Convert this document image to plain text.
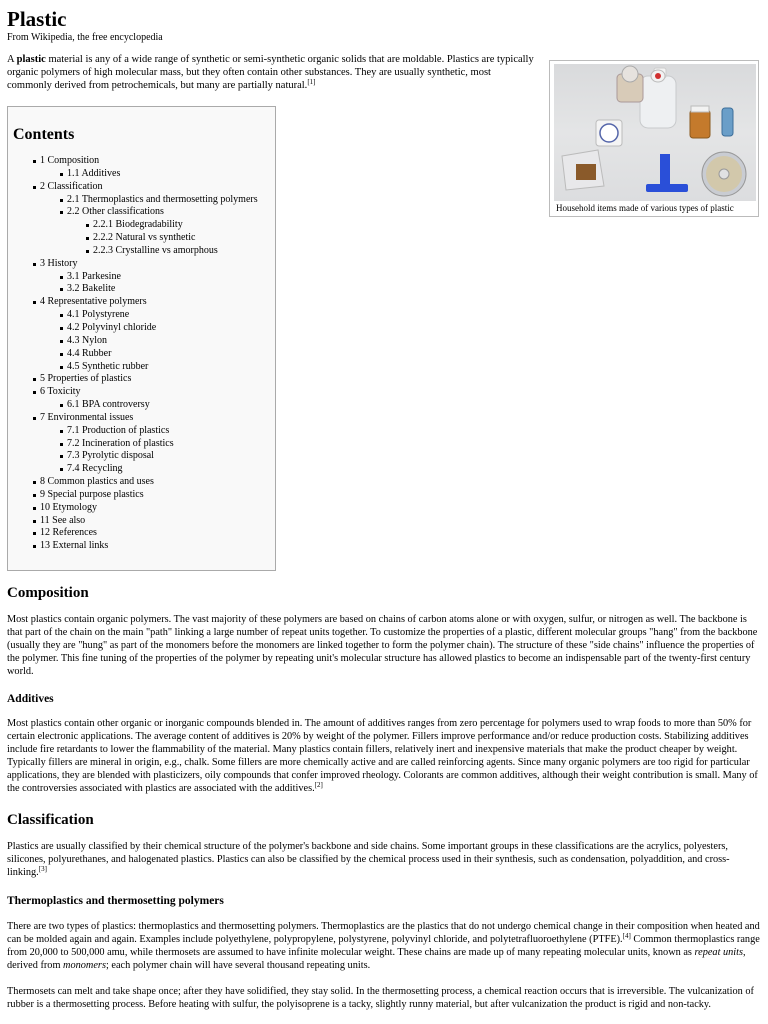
Plastic
From Wikipedia, the free encyclopedia

A plastic material is any of a wide range of synthetic or semi-synthetic organic solids that are moldable. Plastics are typically organic polymers of high molecular mass, but they often contain other substances. They are usually synthetic, most commonly derived from petrochemicals, but many are partially natural.[1]

Household items made of various types of plastic
Contents
1 Composition
1.1 Additives
2 Classification
2.1 Thermoplastics and thermosetting polymers
2.2 Other classifications
2.2.1 Biodegradability
2.2.2 Natural vs synthetic
2.2.3 Crystalline vs amorphous
3 History
3.1 Parkesine
3.2 Bakelite
4 Representative polymers
4.1 Polystyrene
4.2 Polyvinyl chloride
4.3 Nylon
4.4 Rubber
4.5 Synthetic rubber
5 Properties of plastics
6 Toxicity
6.1 BPA controversy
7 Environmental issues
7.1 Production of plastics
7.2 Incineration of plastics
7.3 Pyrolytic disposal
7.4 Recycling
8 Common plastics and uses
9 Special purpose plastics
10 Etymology
11 See also
12 References
13 External links
Composition

Most plastics contain organic polymers. The vast majority of these polymers are based on chains of carbon atoms alone or with oxygen, sulfur, or nitrogen as well. The backbone is that part of the chain on the main "path" linking a large number of repeat units together. To customize the properties of a plastic, different molecular groups "hang" from the backbone (usually they are "hung" as part of the monomers before the monomers are linked together to form the polymer chain). The structure of these "side chains" influence the properties of the polymer. This fine tuning of the properties of the polymer by repeating unit's molecular structure has allowed plastics to become an indispensable part of the twenty-first century world.

Additives

Most plastics contain other organic or inorganic compounds blended in. The amount of additives ranges from zero percentage for polymers used to wrap foods to more than 50% for certain electronic applications. The average content of additives is 20% by weight of the polymer. Fillers improve performance and/or reduce production costs. Stabilizing additives include fire retardants to lower the flammability of the material. Many plastics contain fillers, relatively inert and inexpensive materials that make the product cheaper by weight. Typically fillers are mineral in origin, e.g., chalk. Some fillers are more chemically active and are called reinforcing agents. Since many organic polymers are too rigid for particular applications, they are blended with plasticizers, oily compounds that confer improved rheology. Colorants are common additives, although their weight contribution is small. Many of the controversies associated with plastics are associated with the additives.[2]

Classification

Plastics are usually classified by their chemical structure of the polymer's backbone and side chains. Some important groups in these classifications are the acrylics, polyesters, silicones, polyurethanes, and halogenated plastics. Plastics can also be classified by the chemical process used in their synthesis, such as condensation, polyaddition, and cross-linking.[3]

Thermoplastics and thermosetting polymers

There are two types of plastics: thermoplastics and thermosetting polymers. Thermoplastics are the plastics that do not undergo chemical change in their composition when heated and can be molded again and again. Examples include polyethylene, polypropylene, polystyrene, polyvinyl chloride, and polytetrafluoroethylene (PTFE).[4] Common thermoplastics range from 20,000 to 500,000 amu, while thermosets are assumed to have infinite molecular weight. These chains are made up of many repeating molecular units, known as repeat units, derived from monomers; each polymer chain will have several thousand repeating units.

Thermosets can melt and take shape once; after they have solidified, they stay solid. In the thermosetting process, a chemical reaction occurs that is irreversible. The vulcanization of rubber is a thermosetting process. Before heating with sulfur, the polyisoprene is a tacky, slightly runny material, but after vulcanization the product is rigid and non-tacky.
